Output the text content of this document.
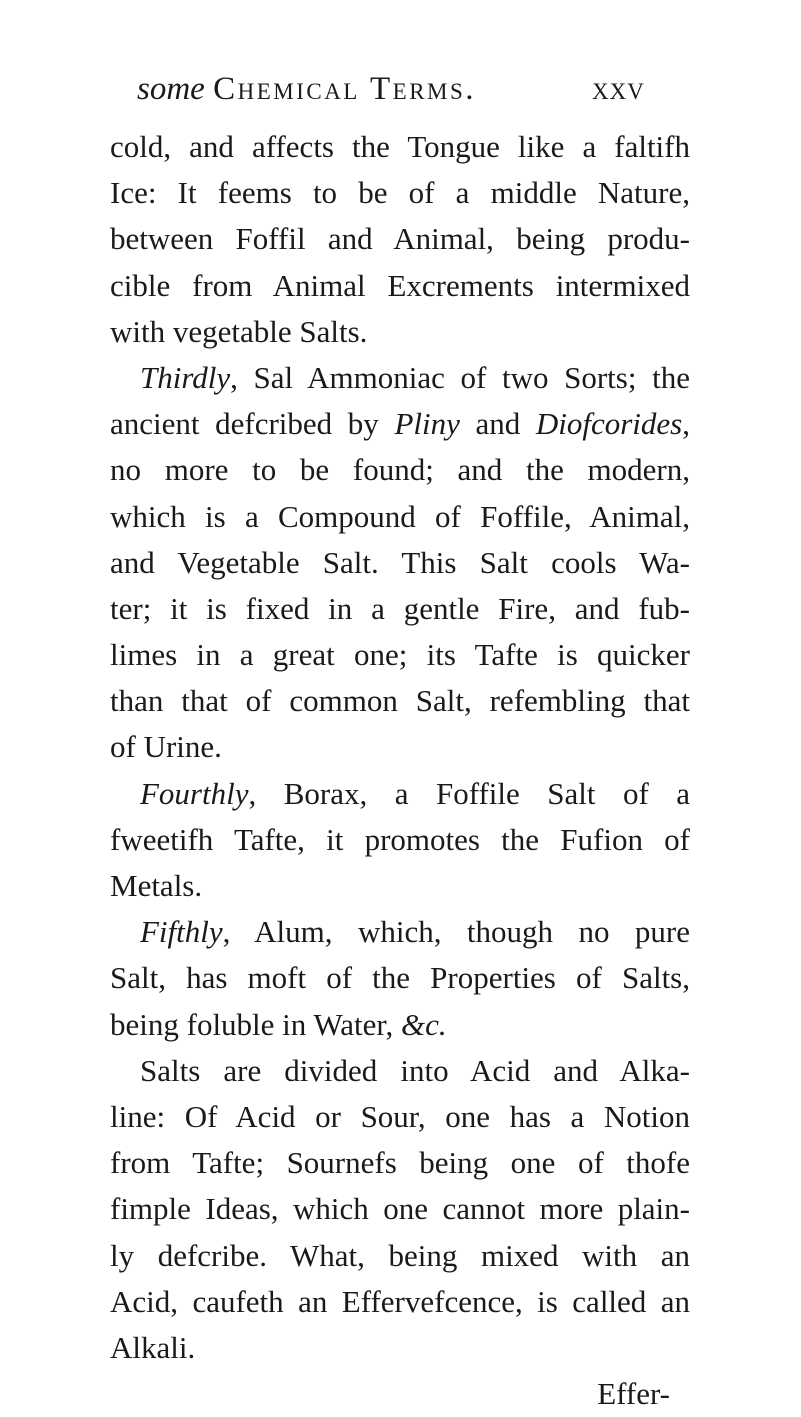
some Chemical Terms.	xxv
cold, and affects the Tongue like a faltifh
Ice: It feems to be of a middle Nature,
between Foffil and Animal, being produ-
cible from Animal Excrements intermixed
with vegetable Salts.
Thirdly, Sal Ammoniac of two Sorts; the
ancient defcribed by Pliny and Diofcorides,
no more to be found; and the modern,
which is a Compound of Foffile, Animal,
and Vegetable Salt. This Salt cools Wa-
ter; it is fixed in a gentle Fire, and fub-
limes in a great one; its Tafte is quicker
than that of common Salt, refembling that
of Urine.
Fourthly, Borax, a Foffile Salt of a
fweetifh Tafte, it promotes the Fufion of
Metals.
Fifthly, Alum, which, though no pure
Salt, has moft of the Properties of Salts,
being foluble in Water, &c.
Salts are divided into Acid and Alka-
line: Of Acid or Sour, one has a Notion
from Tafte; Sournefs being one of thofe
fimple Ideas, which one cannot more plain-
ly defcribe. What, being mixed with an
Acid, caufeth an Effervefcence, is called an
Alkali.
Effer-
